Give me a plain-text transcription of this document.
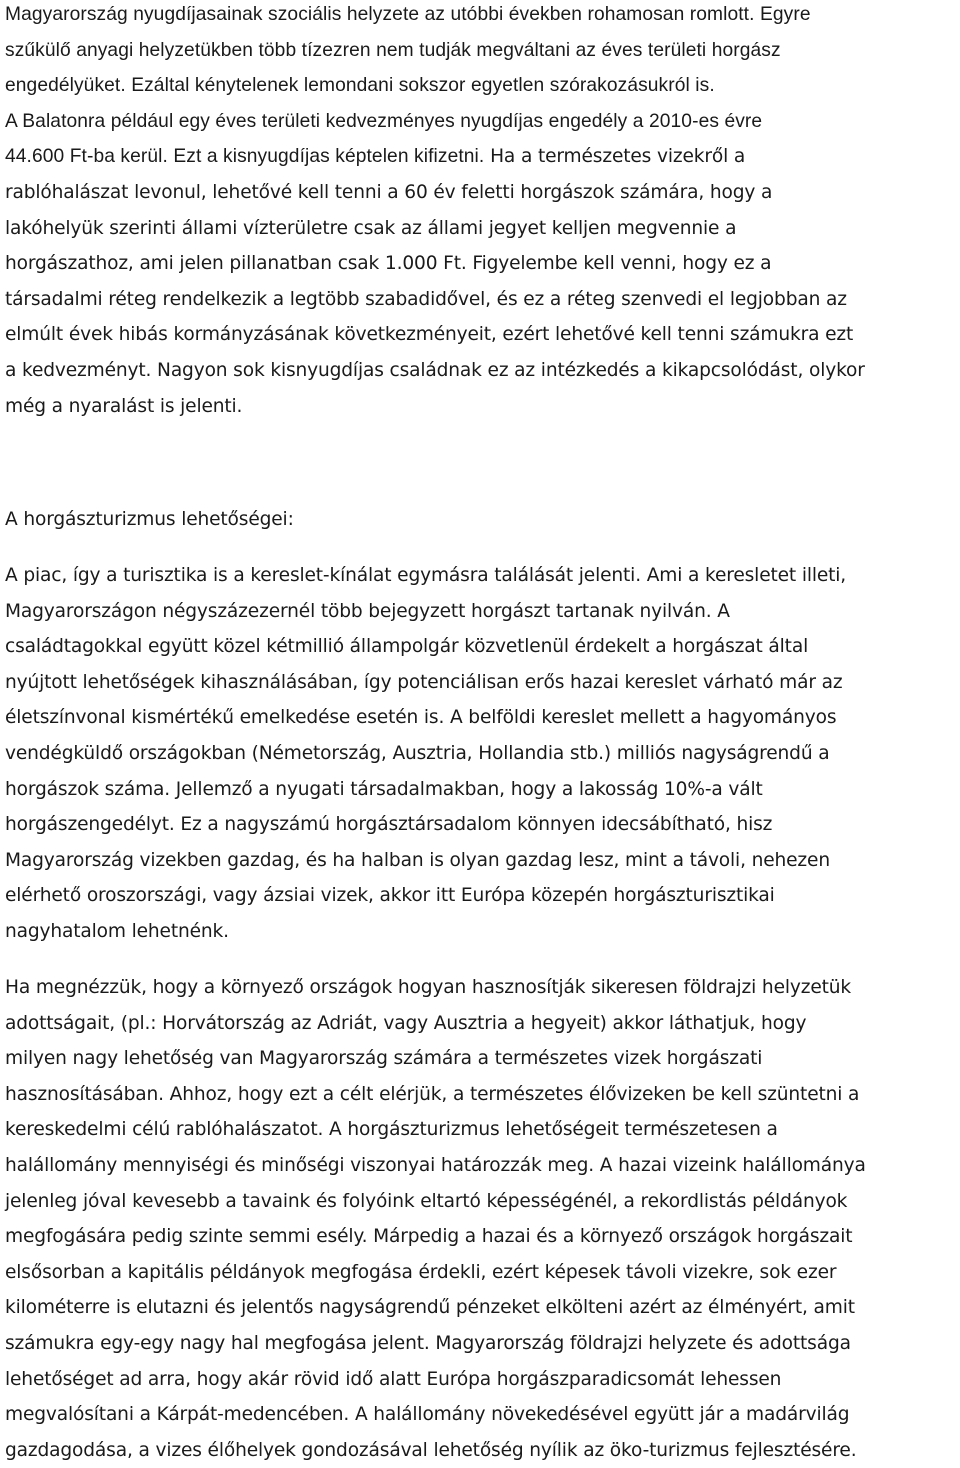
Magyarország nyugdíjasainak szociális helyzete az utóbbi években rohamosan romlott. Egyre
szűkülő anyagi helyzetükben több tízezren nem tudják megváltani az éves területi horgász
engedélyüket. Ezáltal kénytelenek lemondani sokszor egyetlen szórakozásukról is.
A Balatonra például egy éves területi kedvezményes nyugdíjas engedély a 2010-es évre
44.600 Ft-ba kerül. Ezt a kisnyugdíjas képtelen kifizetni. Ha a természetes vizekről a
rablóhalászat levonul, lehetővé kell tenni a 60 év feletti horgászok számára, hogy a
lakóhelyük szerinti állami vízterületre csak az állami jegyet kelljen megvennie a
horgászathoz, ami jelen pillanatban csak 1.000 Ft. Figyelembe kell venni, hogy ez a
társadalmi réteg rendelkezik a legtöbb szabadidővel, és ez a réteg szenvedi el legjobban az
elmúlt évek hibás kormányzásának következményeit, ezért lehetővé kell tenni számukra ezt
a kedvezményt. Nagyon sok kisnyugdíjas családnak ez az intézkedés a kikapcsolódást, olykor
még a nyaralást is jelenti.
A horgászturizmus lehetőségei:
A piac, így a turisztika is a kereslet-kínálat egymásra találását jelenti. Ami a keresletet illeti,
Magyarországon négyszázezernél több bejegyzett horgászt tartanak nyilván. A
családtagokkal együtt közel kétmillió állampolgár közvetlenül érdekelt a horgászat által
nyújtott lehetőségek kihasználásában, így potenciálisan erős hazai kereslet várható már az
életszínvonal kismértékű emelkedése esetén is. A belföldi kereslet mellett a hagyományos
vendégküldő országokban (Németország, Ausztria, Hollandia stb.) milliós nagyságrendű a
horgászok száma. Jellemző a nyugati társadalmakban, hogy a lakosság 10%-a vált
horgászengedélyt. Ez a nagyszámú horgásztársadalom könnyen idecsábítható, hisz
Magyarország vizekben gazdag, és ha halban is olyan gazdag lesz, mint a távoli, nehezen
elérhető oroszországi, vagy ázsiai vizek, akkor itt Európa közepén horgászturisztikai
nagyhatalom lehetnénk.
Ha megnézzük, hogy a környező országok hogyan hasznosítják sikeresen földrajzi helyzetük
adottságait, (pl.: Horvátország az Adriát, vagy Ausztria a hegyeit) akkor láthatjuk, hogy
milyen nagy lehetőség van Magyarország számára a természetes vizek horgászati
hasznosításában. Ahhoz, hogy ezt a célt elérjük, a természetes élővizeken be kell szüntetni a
kereskedelmi célú rablóhalászatot. A horgászturizmus lehetőségeit természetesen a
halállomány mennyiségi és minőségi viszonyai határozzák meg. A hazai vizeink halállománya
jelenleg jóval kevesebb a tavaink és folyóink eltartó képességénél, a rekordlistás példányok
megfogására pedig szinte semmi esély. Márpedig a hazai és a környező országok horgászait
elsősorban a kapitális példányok megfogása érdekli, ezért képesek távoli vizekre, sok ezer
kilométerre is elutazni és jelentős nagyságrendű pénzeket elkölteni azért az élményért, amit
számukra egy-egy nagy hal megfogása jelent. Magyarország földrajzi helyzete és adottsága
lehetőséget ad arra, hogy akár rövid idő alatt Európa horgászparadicsomát lehessen
megvalósítani a Kárpát-medencében. A halállomány növekedésével együtt jár a madárvilág
gazdagodása, a vizes élőhelyek gondozásával lehetőség nyílik az öko-turizmus fejlesztésére.
